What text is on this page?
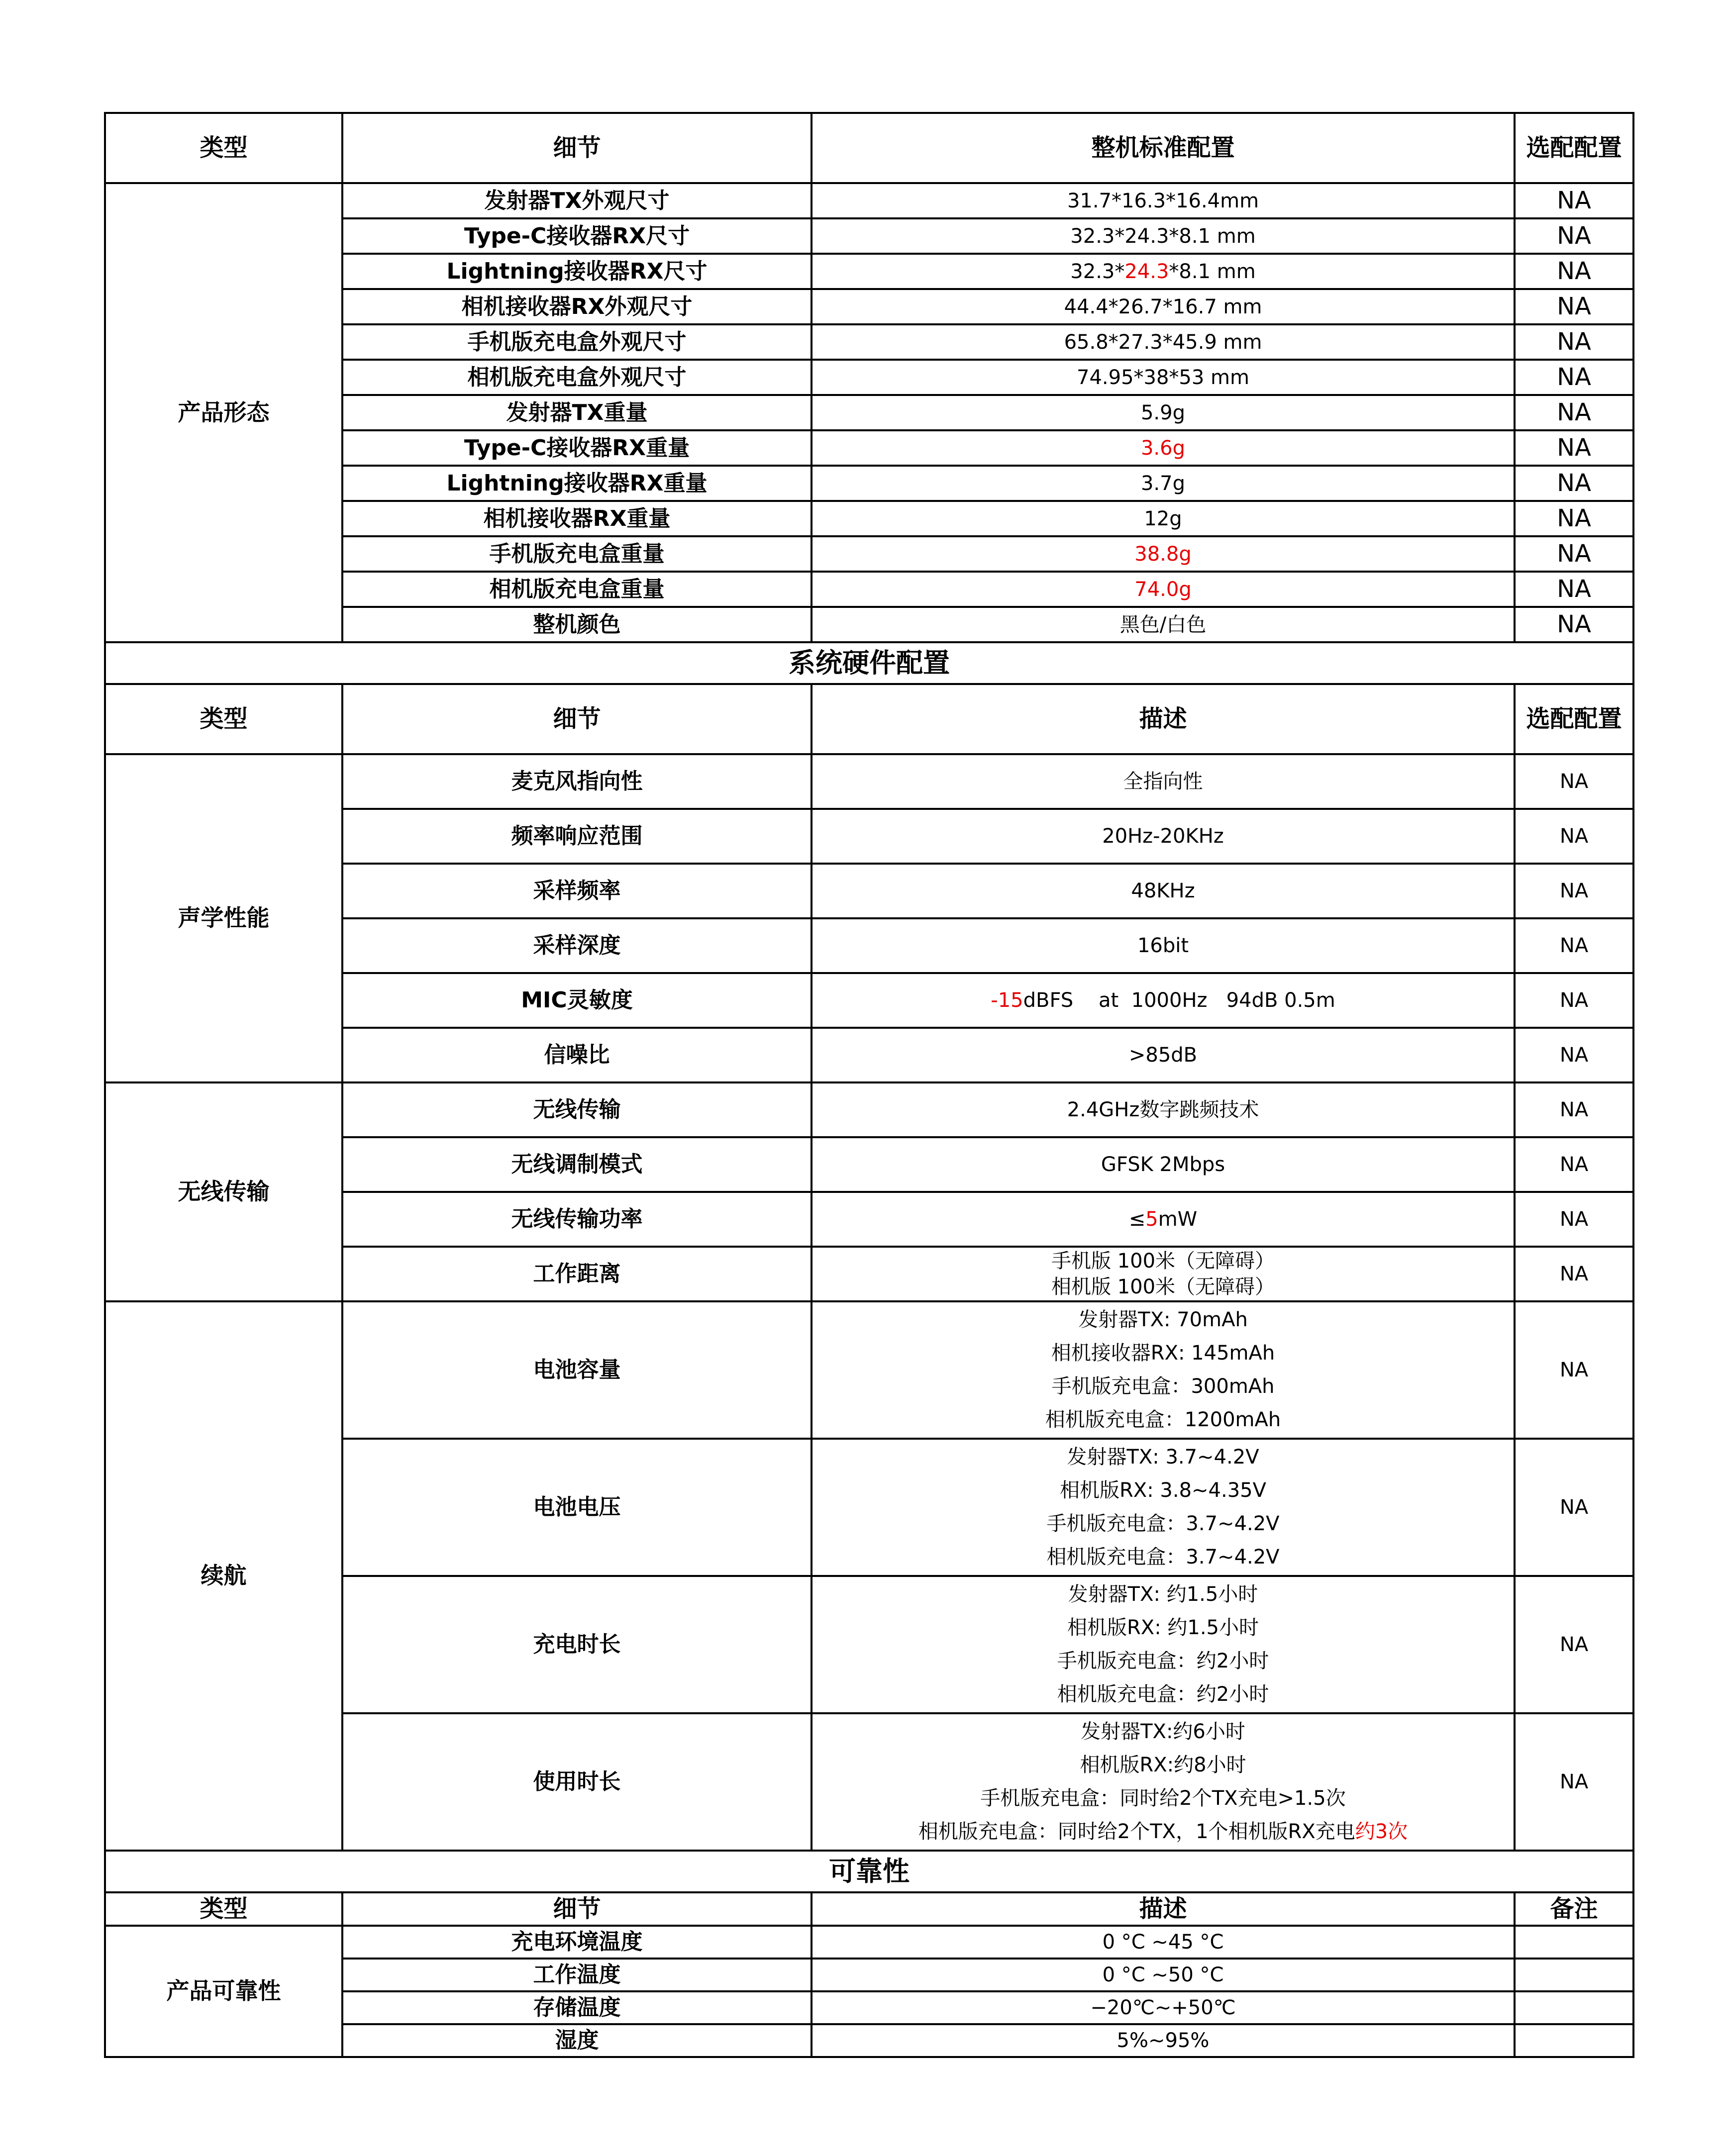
类型	细节	整机标准配置	选配配置
产品形态	发射器TX外观尺寸	31.7*16.3*16.4mm	NA
	Type-C接收器RX尺寸	32.3*24.3*8.1 mm	NA
	Lightning接收器RX尺寸	32.3*24.3*8.1 mm	NA
	相机接收器RX外观尺寸	44.4*26.7*16.7 mm	NA
	手机版充电盒外观尺寸	65.8*27.3*45.9 mm	NA
	相机版充电盒外观尺寸	74.95*38*53 mm	NA
	发射器TX重量	5.9g	NA
	Type-C接收器RX重量	3.6g	NA
	Lightning接收器RX重量	3.7g	NA
	相机接收器RX重量	12g	NA
	手机版充电盒重量	38.8g	NA
	相机版充电盒重量	74.0g	NA
	整机颜色	黑色/白色	NA
系统硬件配置			
类型	细节	描述	选配配置
声学性能	麦克风指向性	全指向性	NA
	频率响应范围	20Hz-20KHz	NA
	采样频率	48KHz	NA
	采样深度	16bit	NA
	MIC灵敏度	-15dBFS    at  1000Hz   94dB 0.5m	NA
	信噪比	>85dB	NA
无线传输	无线传输	2.4GHz数字跳频技术	NA
	无线调制模式	GFSK 2Mbps	NA
	无线传输功率	≤5mW	NA
	工作距离	手机版 100米（无障碍）
相机版 100米（无障碍）	NA
续航	电池容量	发射器TX: 70mAh
相机接收器RX: 145mAh
手机版充电盒：300mAh
相机版充电盒：1200mAh	NA
	电池电压	发射器TX: 3.7~4.2V
相机版RX: 3.8~4.35V
手机版充电盒：3.7~4.2V
相机版充电盒：3.7~4.2V	NA
	充电时长	发射器TX: 约1.5小时
相机版RX: 约1.5小时
手机版充电盒：约2小时
相机版充电盒：约2小时	NA
	使用时长	发射器TX:约6小时
相机版RX:约8小时
手机版充电盒：同时给2个TX充电>1.5次
相机版充电盒：同时给2个TX，1个相机版RX充电约3次	NA
可靠性			
类型	细节	描述	备注
产品可靠性	充电环境温度	0 °C ~45 °C	
	工作温度	0 °C ~50 °C	
	存储温度	−20℃~+50℃	
	湿度	5%~95%	
